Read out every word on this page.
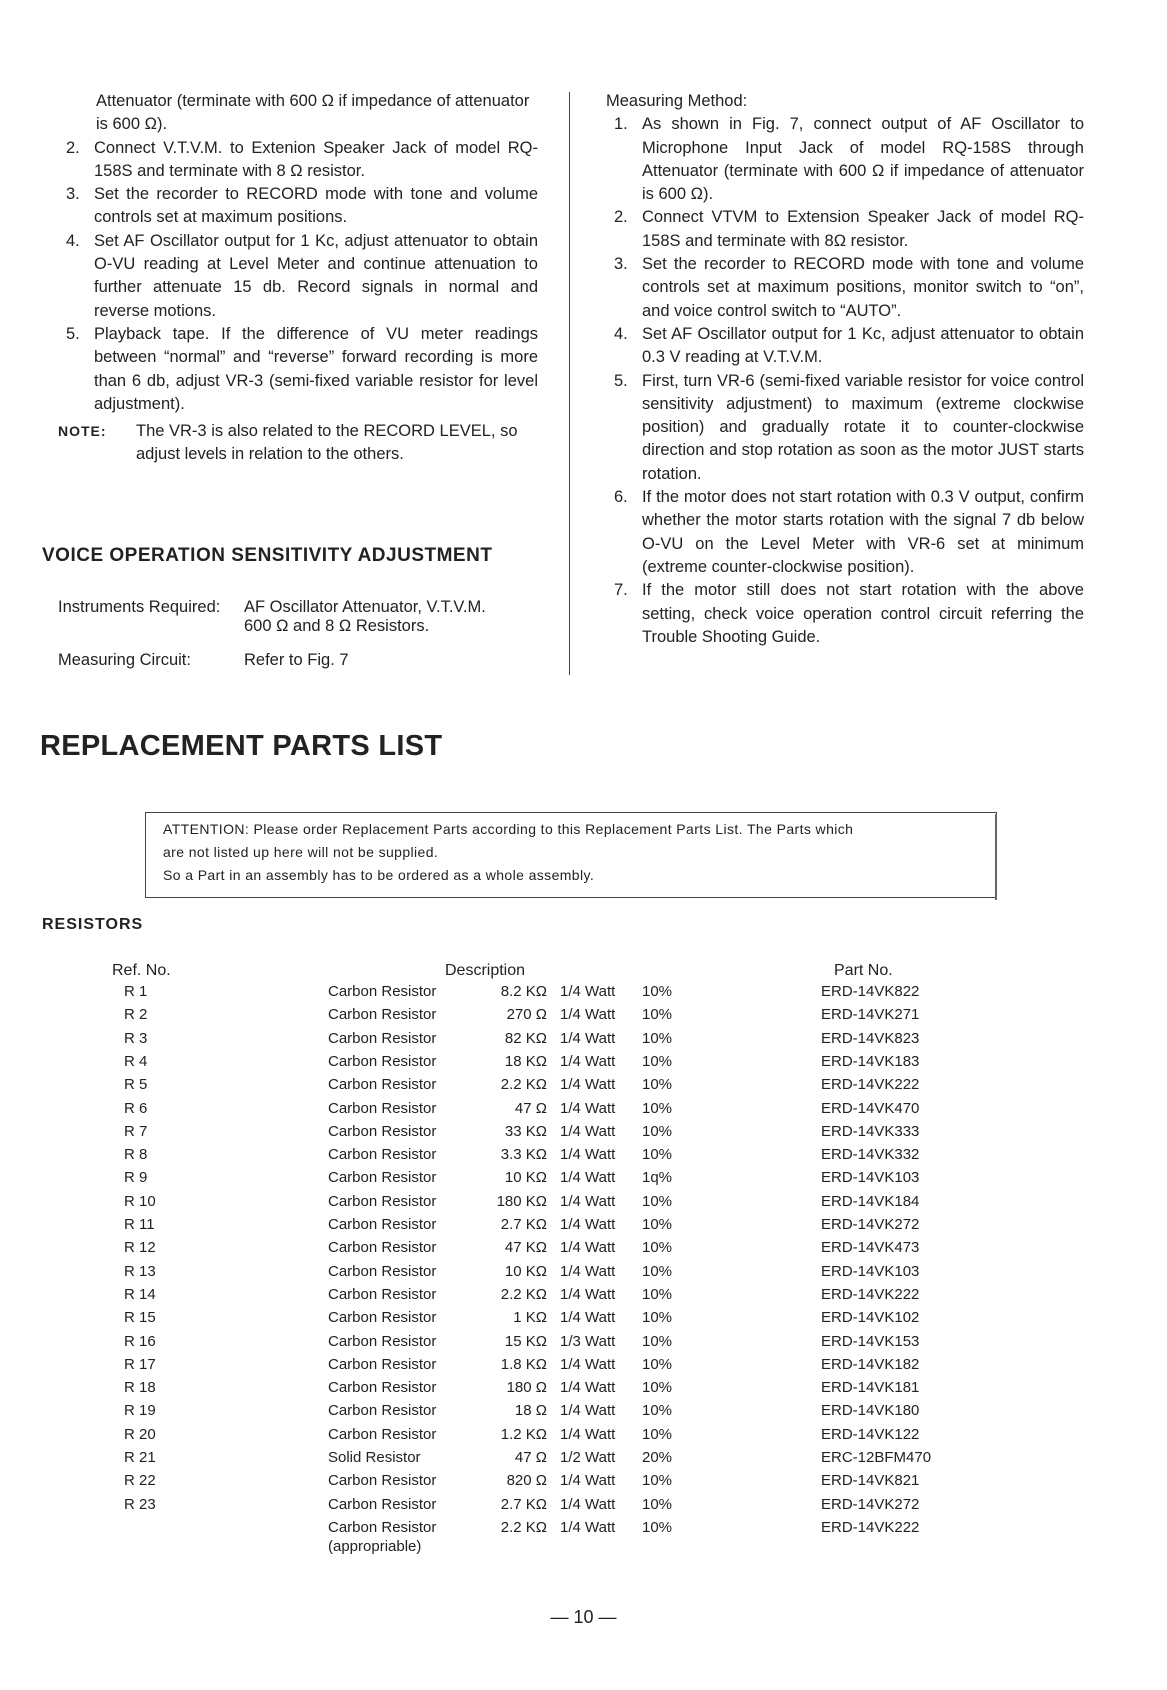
Attenuator (terminate with 600 Ω if impedance of attenuator is 600 Ω).
2. Connect V.T.V.M. to Extenion Speaker Jack of model RQ-158S and terminate with 8 Ω resistor.
3. Set the recorder to RECORD mode with tone and volume controls set at maximum positions.
4. Set AF Oscillator output for 1 Kc, adjust attenuator to obtain O-VU reading at Level Meter and continue attenuation to further attenuate 15 db. Record signals in normal and reverse motions.
5. Playback tape. If the difference of VU meter readings between “normal” and “reverse” forward recording is more than 6 db, adjust VR-3 (semi-fixed variable resistor for level adjustment).
NOTE:	The VR-3 is also related to the RECORD LEVEL, so adjust levels in relation to the others.
VOICE OPERATION SENSITIVITY ADJUSTMENT
Instruments Required:	AF Oscillator Attenuator, V.T.V.M.
600 Ω and 8 Ω Resistors.
Measuring Circuit:	Refer to Fig. 7
Measuring Method:
1. As shown in Fig. 7, connect output of AF Oscillator to Microphone Input Jack of model RQ-158S through Attenuator (terminate with 600 Ω if impedance of attenuator is 600 Ω).
2. Connect VTVM to Extension Speaker Jack of model RQ-158S and terminate with 8Ω resistor.
3. Set the recorder to RECORD mode with tone and volume controls set at maximum positions, monitor switch to “on”, and voice control switch to “AUTO”.
4. Set AF Oscillator output for 1 Kc, adjust attenuator to obtain 0.3 V reading at V.T.V.M.
5. First, turn VR-6 (semi-fixed variable resistor for voice control sensitivity adjustment) to maximum (extreme clockwise position) and gradually rotate it to counter-clockwise direction and stop rotation as soon as the motor JUST starts rotation.
6. If the motor does not start rotation with 0.3 V output, confirm whether the motor starts rotation with the signal 7 db below O-VU on the Level Meter with VR-6 set at minimum (extreme counter-clockwise position).
7. If the motor still does not start rotation with the above setting, check voice operation control circuit referring the Trouble Shooting Guide.
REPLACEMENT PARTS LIST
ATTENTION: Please order Replacement Parts according to this Replacement Parts List. The Parts which
are not listed up here will not be supplied.
So a Part in an assembly has to be ordered as a whole assembly.
RESISTORS
Ref. No.	Description	Part No.
R 1	Carbon Resistor	8.2 KΩ 1/4 Watt 10%	ERD-14VK822
R 2	Carbon Resistor	270 Ω 1/4 Watt 10%	ERD-14VK271
R 3	Carbon Resistor	82 KΩ 1/4 Watt 10%	ERD-14VK823
R 4	Carbon Resistor	18 KΩ 1/4 Watt 10%	ERD-14VK183
R 5	Carbon Resistor	2.2 KΩ 1/4 Watt 10%	ERD-14VK222
R 6	Carbon Resistor	47 Ω 1/4 Watt 10%	ERD-14VK470
R 7	Carbon Resistor	33 KΩ 1/4 Watt 10%	ERD-14VK333
R 8	Carbon Resistor	3.3 KΩ 1/4 Watt 10%	ERD-14VK332
R 9	Carbon Resistor	10 KΩ 1/4 Watt 1q%	ERD-14VK103
R 10	Carbon Resistor	180 KΩ 1/4 Watt 10%	ERD-14VK184
R 11	Carbon Resistor	2.7 KΩ 1/4 Watt 10%	ERD-14VK272
R 12	Carbon Resistor	47 KΩ 1/4 Watt 10%	ERD-14VK473
R 13	Carbon Resistor	10 KΩ 1/4 Watt 10%	ERD-14VK103
R 14	Carbon Resistor	2.2 KΩ 1/4 Watt 10%	ERD-14VK222
R 15	Carbon Resistor	1 KΩ 1/4 Watt 10%	ERD-14VK102
R 16	Carbon Resistor	15 KΩ 1/3 Watt 10%	ERD-14VK153
R 17	Carbon Resistor	1.8 KΩ 1/4 Watt 10%	ERD-14VK182
R 18	Carbon Resistor	180 Ω 1/4 Watt 10%	ERD-14VK181
R 19	Carbon Resistor	18 Ω 1/4 Watt 10%	ERD-14VK180
R 20	Carbon Resistor	1.2 KΩ 1/4 Watt 10%	ERD-14VK122
R 21	Solid Resistor	47 Ω 1/2 Watt 20%	ERC-12BFM470
R 22	Carbon Resistor	820 Ω 1/4 Watt 10%	ERD-14VK821
R 23	Carbon Resistor	2.7 KΩ 1/4 Watt 10%	ERD-14VK272
Carbon Resistor	2.2 KΩ 1/4 Watt 10%	ERD-14VK222
(appropriable)
— 10 —
